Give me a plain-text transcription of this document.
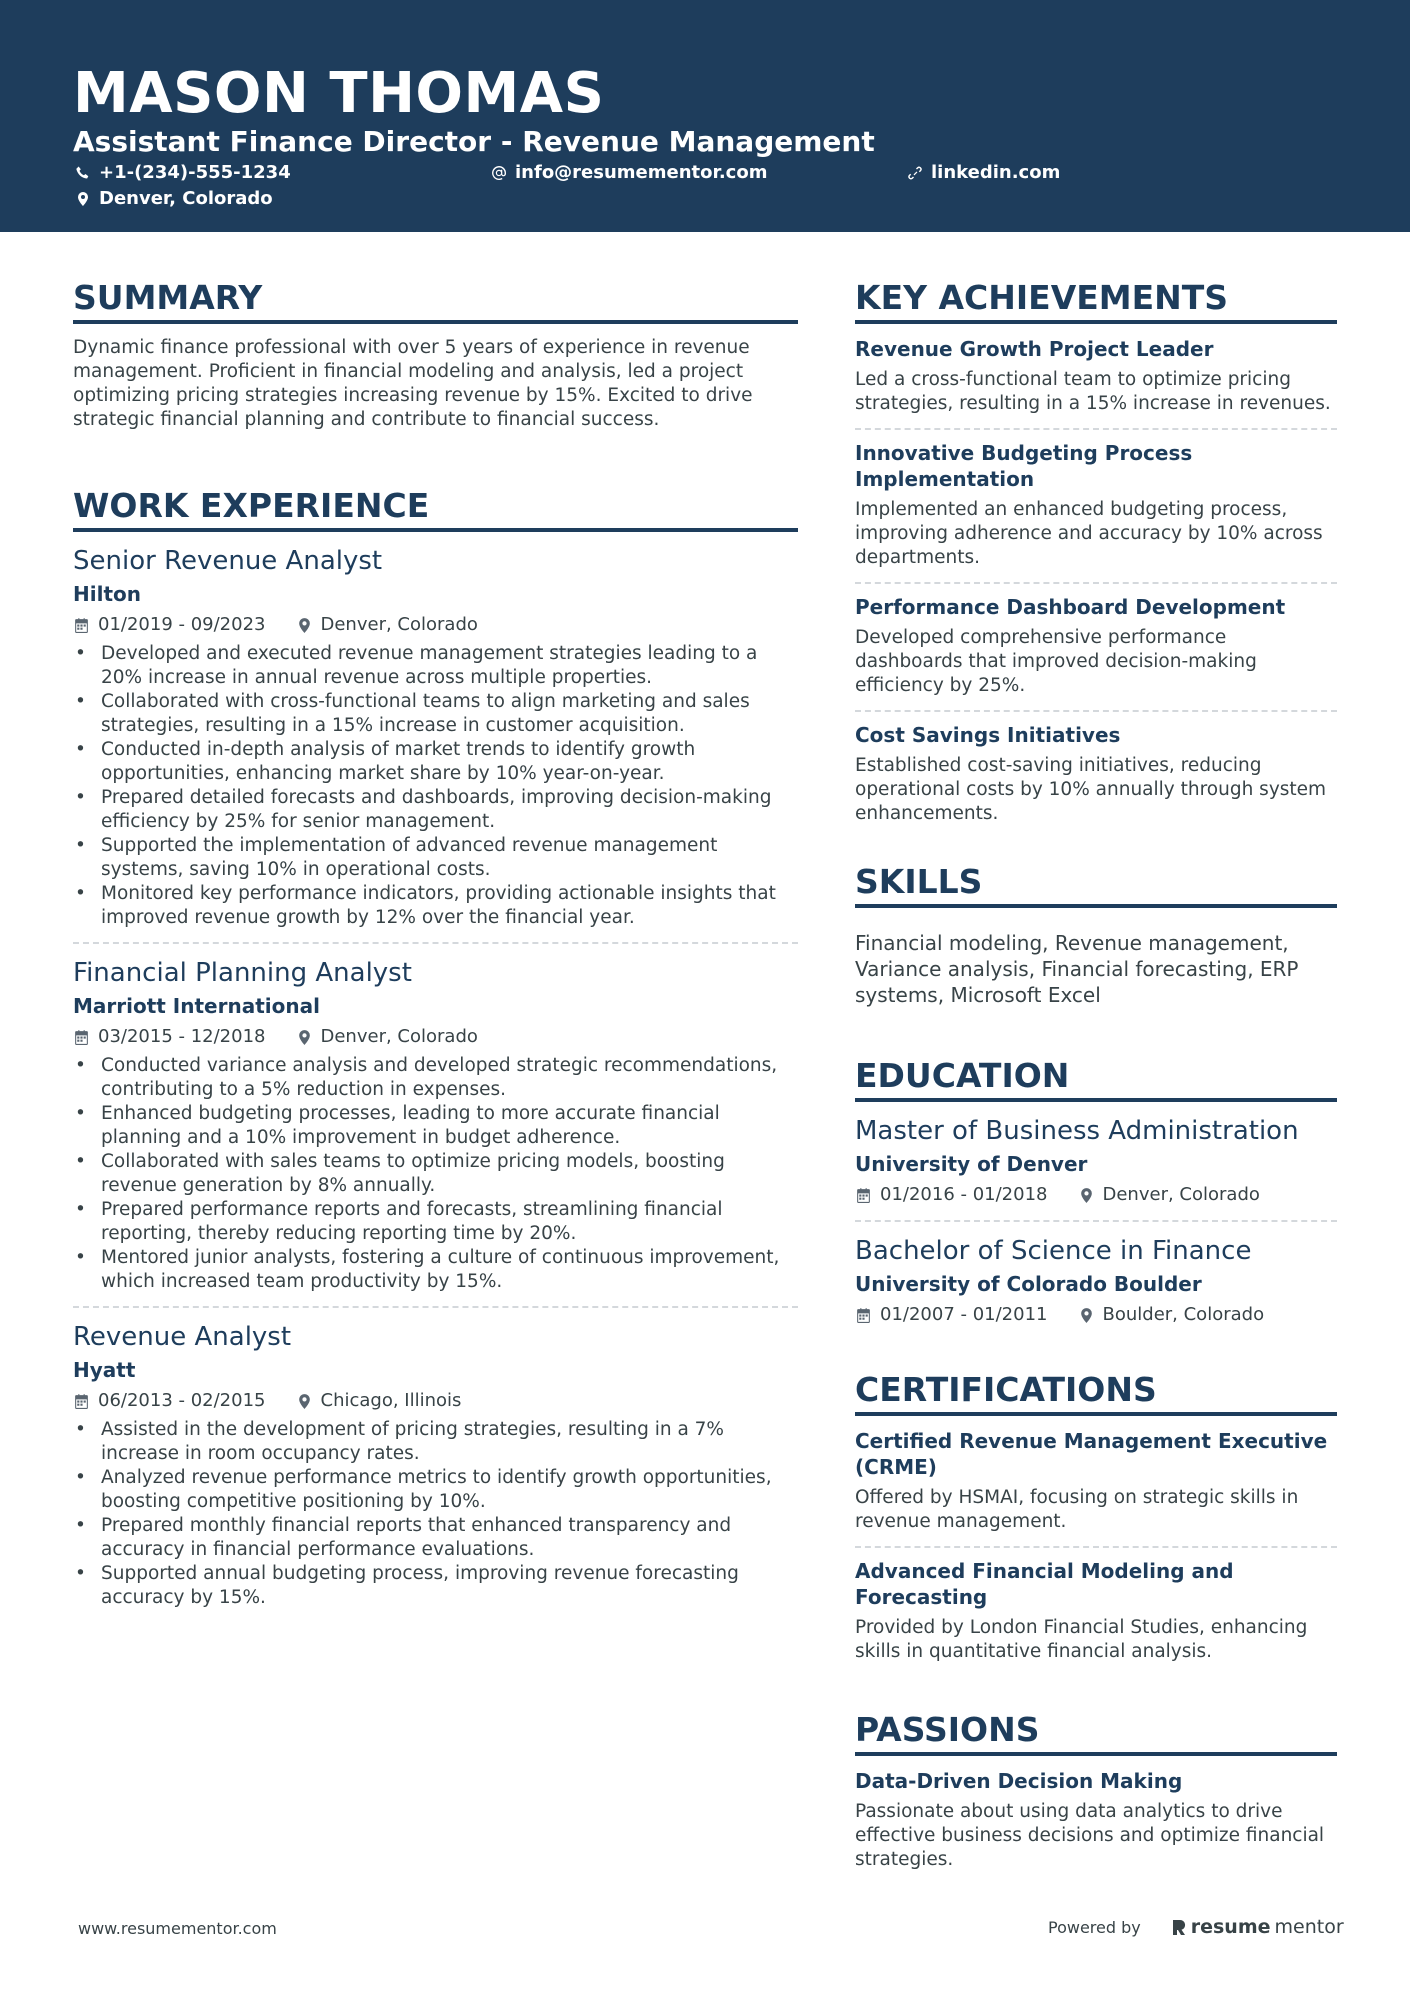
MASON THOMAS
Assistant Finance Director - Revenue Management
+1-(234)-555-1234	info@resumementor.com	linkedin.com
Denver, Colorado
SUMMARY
Dynamic finance professional with over 5 years of experience in revenue management. Proficient in financial modeling and analysis, led a project optimizing pricing strategies increasing revenue by 15%. Excited to drive strategic financial planning and contribute to financial success.
WORK EXPERIENCE
Senior Revenue Analyst
Hilton
01/2019 - 09/2023	Denver, Colorado
• Developed and executed revenue management strategies leading to a 20% increase in annual revenue across multiple properties.
• Collaborated with cross-functional teams to align marketing and sales strategies, resulting in a 15% increase in customer acquisition.
• Conducted in-depth analysis of market trends to identify growth opportunities, enhancing market share by 10% year-on-year.
• Prepared detailed forecasts and dashboards, improving decision-making efficiency by 25% for senior management.
• Supported the implementation of advanced revenue management systems, saving 10% in operational costs.
• Monitored key performance indicators, providing actionable insights that improved revenue growth by 12% over the financial year.
Financial Planning Analyst
Marriott International
03/2015 - 12/2018	Denver, Colorado
• Conducted variance analysis and developed strategic recommendations, contributing to a 5% reduction in expenses.
• Enhanced budgeting processes, leading to more accurate financial planning and a 10% improvement in budget adherence.
• Collaborated with sales teams to optimize pricing models, boosting revenue generation by 8% annually.
• Prepared performance reports and forecasts, streamlining financial reporting, thereby reducing reporting time by 20%.
• Mentored junior analysts, fostering a culture of continuous improvement, which increased team productivity by 15%.
Revenue Analyst
Hyatt
06/2013 - 02/2015	Chicago, Illinois
• Assisted in the development of pricing strategies, resulting in a 7% increase in room occupancy rates.
• Analyzed revenue performance metrics to identify growth opportunities, boosting competitive positioning by 10%.
• Prepared monthly financial reports that enhanced transparency and accuracy in financial performance evaluations.
• Supported annual budgeting process, improving revenue forecasting accuracy by 15%.
KEY ACHIEVEMENTS
Revenue Growth Project Leader
Led a cross-functional team to optimize pricing strategies, resulting in a 15% increase in revenues.
Innovative Budgeting Process Implementation
Implemented an enhanced budgeting process, improving adherence and accuracy by 10% across departments.
Performance Dashboard Development
Developed comprehensive performance dashboards that improved decision-making efficiency by 25%.
Cost Savings Initiatives
Established cost-saving initiatives, reducing operational costs by 10% annually through system enhancements.
SKILLS
Financial modeling, Revenue management, Variance analysis, Financial forecasting, ERP systems, Microsoft Excel
EDUCATION
Master of Business Administration
University of Denver
01/2016 - 01/2018	Denver, Colorado
Bachelor of Science in Finance
University of Colorado Boulder
01/2007 - 01/2011	Boulder, Colorado
CERTIFICATIONS
Certified Revenue Management Executive (CRME)
Offered by HSMAI, focusing on strategic skills in revenue management.
Advanced Financial Modeling and Forecasting
Provided by London Financial Studies, enhancing skills in quantitative financial analysis.
PASSIONS
Data-Driven Decision Making
Passionate about using data analytics to drive effective business decisions and optimize financial strategies.
www.resumementor.com	Powered by	resume mentor
